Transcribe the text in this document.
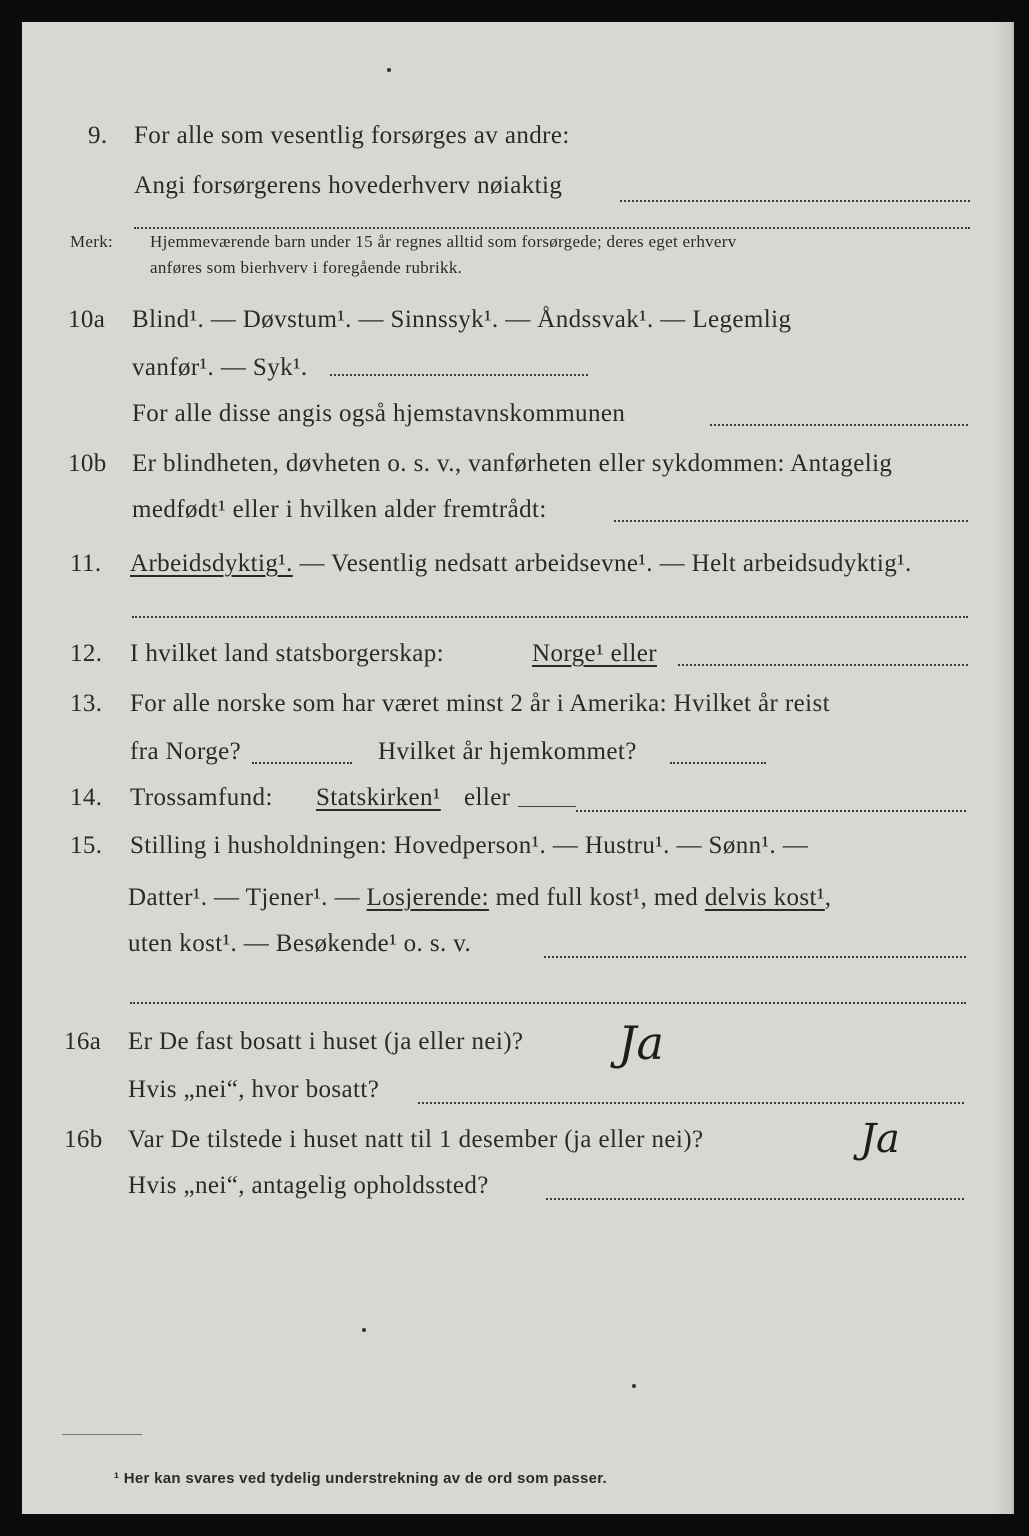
9. For alle som vesentlig forsørges av andre:
Angi forsørgerens hovederhverv nøiaktig
Merk: Hjemmeværende barn under 15 år regnes alltid som forsørgede; deres eget erhverv
anføres som bierhverv i foregående rubrikk.
10a Blind¹. — Døvstum¹. — Sinnssyk¹. — Åndssvak¹. — Legemlig
vanfør¹. — Syk¹.
For alle disse angis også hjemstavnskommunen
10b Er blindheten, døvheten o. s. v., vanførheten eller sykdommen: Antagelig
medfødt¹ eller i hvilken alder fremtrådt:
11. Arbeidsdyktig¹. — Vesentlig nedsatt arbeidsevne¹. — Helt arbeidsudyktig¹.
12. I hvilket land statsborgerskap:	Norge¹ eller
13. For alle norske som har været minst 2 år i Amerika: Hvilket år reist
fra Norge?	Hvilket år hjemkommet?
14. Trossamfund: Statskirken¹ eller
15. Stilling i husholdningen: Hovedperson¹. — Hustru¹. — Sønn¹. —
Datter¹. — Tjener¹. — Losjerende: med full kost¹, med delvis kost¹,
uten kost¹. — Besøkende¹ o. s. v.
16a Er De fast bosatt i huset (ja eller nei)? Ja
Hvis „nei“, hvor bosatt?
16b Var De tilstede i huset natt til 1 desember (ja eller nei)?	Ja
Hvis „nei“, antagelig opholdssted?
¹ Her kan svares ved tydelig understrekning av de ord som passer.
